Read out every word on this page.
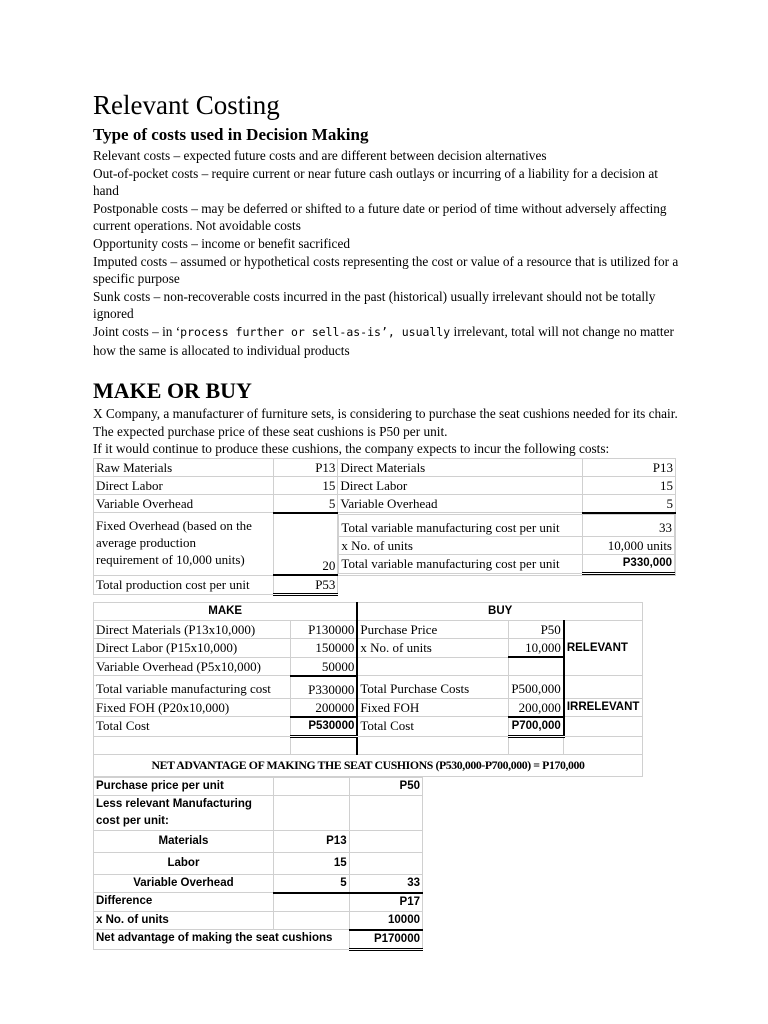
Relevant Costing
Type of costs used in Decision Making

Relevant costs – expected future costs and are different between decision alternatives

Out-of-pocket costs – require current or near future cash outlays or incurring of a liability for a decision at hand

Postponable costs – may be deferred or shifted to a future date or period of time without adversely affecting current operations. Not avoidable costs

Opportunity costs – income or benefit sacrificed

Imputed costs – assumed or hypothetical costs representing the cost or value of a resource that is utilized for a specific purpose

Sunk costs – non-recoverable costs incurred in the past (historical) usually irrelevant should not be totally ignored

Joint costs – in ‘process further or sell-as-is’, usually irrelevant, total will not change no matter how the same is allocated to individual products

MAKE OR BUY

X Company, a manufacturer of furniture sets, is considering to purchase the seat cushions needed for its chair. The expected purchase price of these seat cushions is P50 per unit.

If it would continue to produce these cushions, the company expects to incur the following costs:

Raw Materials	P13	Direct Materials	P13
Direct Labor	15	Direct Labor	15
Variable Overhead	5	Variable Overhead	5

Fixed Overhead (based on the
average production
requirement of 10,000 units)	20	
Total variable manufacturing cost per unit	33
x No. of units	10,000 units
Total variable manufacturing cost per unit	P330,000

Total production cost per unit	P53		
MAKE		BUY		
Direct Materials (P13x10,000)	P130000	Purchase Price	P50	RELEVANT
Direct Labor (P15x10,000)	150000	x No. of units	10,000	
Variable Overhead (P5x10,000)	50000			
Total variable manufacturing cost	P330000	Total Purchase Costs	P500,000	
Fixed FOH (P20x10,000)	200000	Fixed FOH	200,000	IRRELEVANT
Total Cost	P530000	Total Cost	P700,000	

NET ADVANTAGE OF MAKING THE SEAT CUSHIONS (P530,000-P700,000) = P170,000				
Purchase price per unit		P50
Less relevant Manufacturing		
cost per unit:		
Materials	P13	
Labor	15	
Variable Overhead	5	33
Difference		P17
x No. of units		10000
Net advantage of making the seat cushions		P170000
